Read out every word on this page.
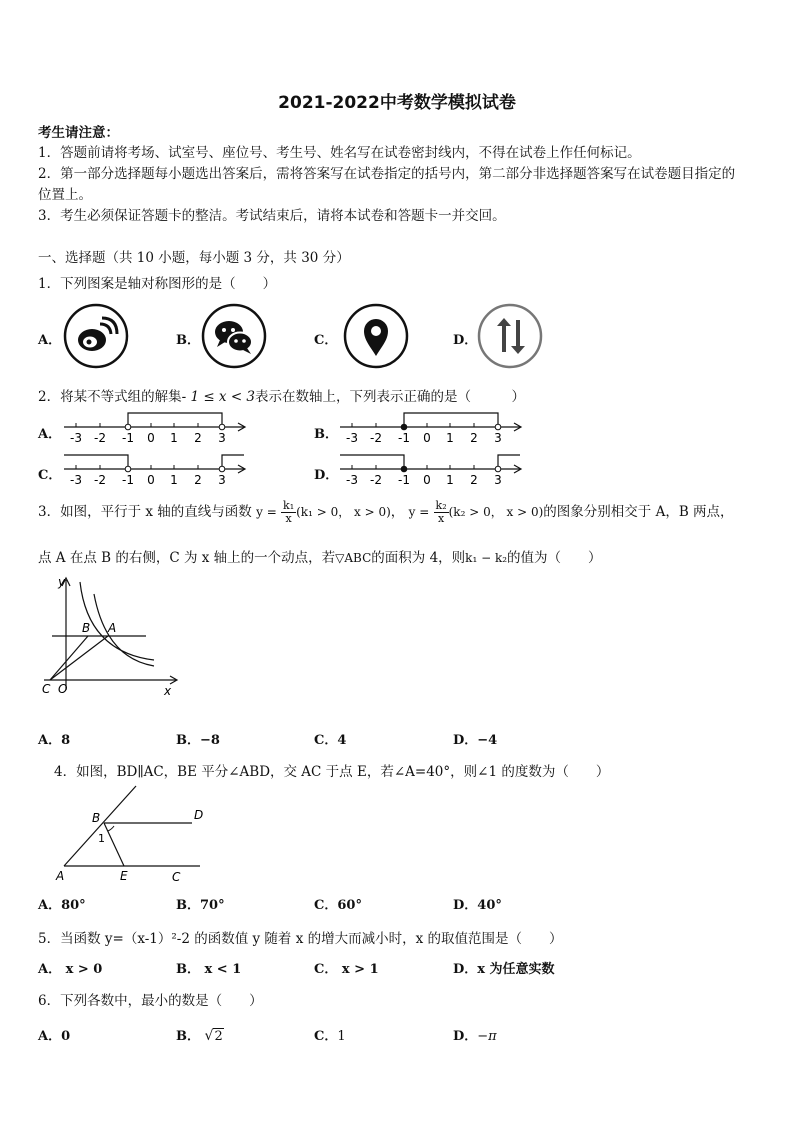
2021-2022中考数学模拟试卷
考生请注意：
1．答题前请将考场、试室号、座位号、考生号、姓名写在试卷密封线内，不得在试卷上作任何标记。
2．第一部分选择题每小题选出答案后，需将答案写在试卷指定的括号内，第二部分非选择题答案写在试卷题目指定的
位置上。
3．考生必须保证答题卡的整洁。考试结束后，请将本试卷和答题卡一并交回。
一、选择题（共 10 小题，每小题 3 分，共 30 分）
1．下列图案是轴对称图形的是（　　）
A．	B．	C．	D．
2．将某不等式组的解集- 1 ≤ x < 3表示在数轴上，下列表示正确的是（　　　）
A． -3 -2 -1 0 1 2 3	B． -3 -2 -1 0 1 2 3
C． -3 -2 -1 0 1 2 3	D． -3 -2 -1 0 1 2 3
3．如图，平行于 x 轴的直线与函数 $y = \frac{\text{k₁}}{x} (k_1 > 0$， x > 0)， $y = \frac{\text{k₂}}{x} (k_2 > 0$， x > 0)的图象分别相交于 A，B 两点，
点 A 在点 B 的右侧，C 为 x 轴上的一个动点，若▽ABC的面积为 4，则k₁ − k₂的值为（　　）
y
x
B A
C O
A．8	B．−8	C．4	D．−4
4．如图，BD∥AC，BE 平分∠ABD，交 AC 于点 E，若∠A=40°，则∠1 的度数为（　　）
B	D
1
A	E	C
A．80°	B．70°	C．60°	D．40°
5．当函数 y=（x-1）²-2 的函数值 y 随着 x 的增大而减小时，x 的取值范围是（　　）
A． x > 0	B． x < 1	C． x > 1	D．x 为任意实数
6．下列各数中，最小的数是（　　）
A．0	B． √2	C．1	D．−π
